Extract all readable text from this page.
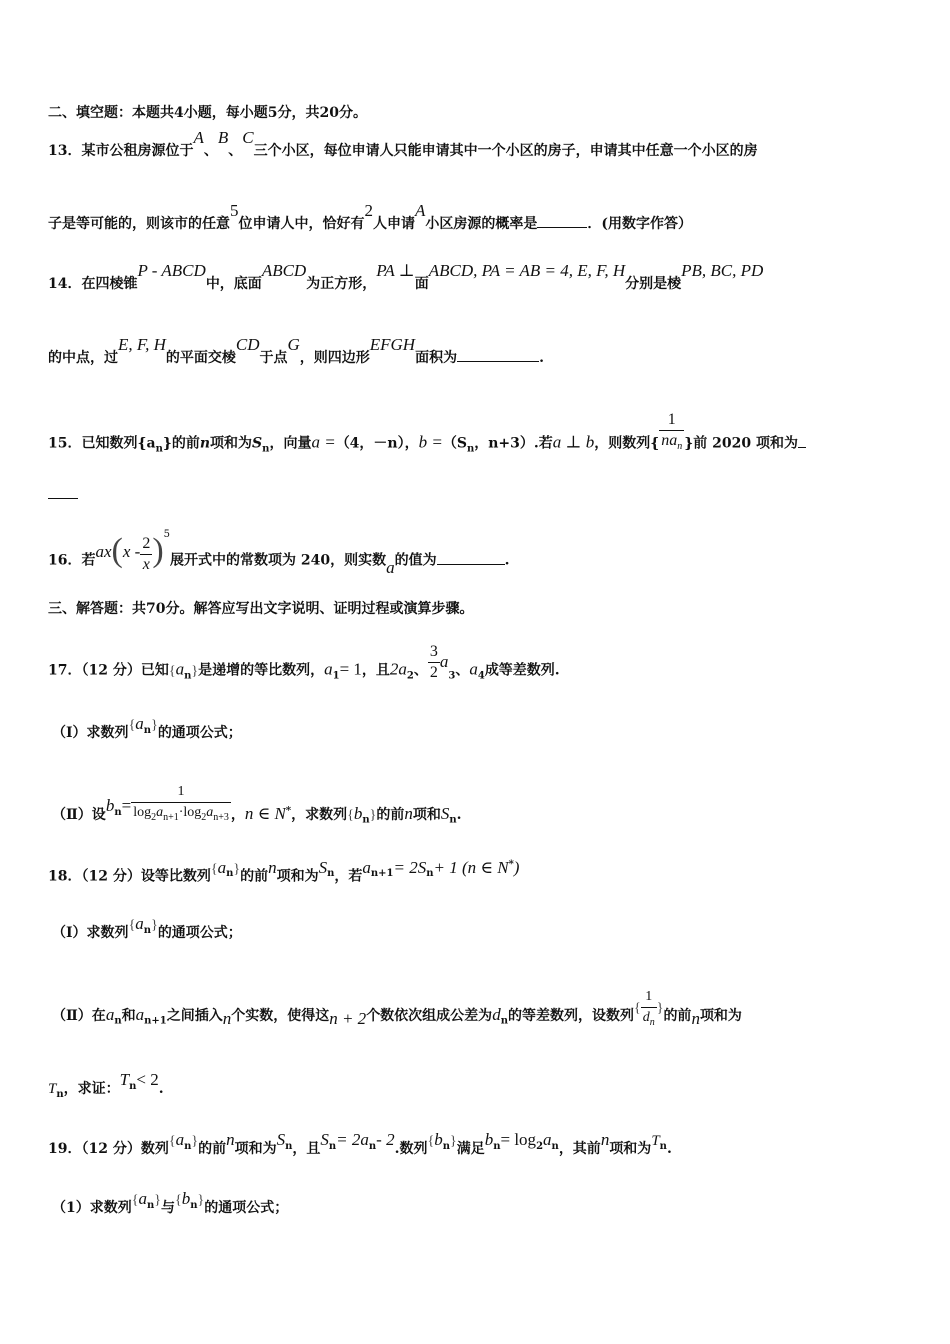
二、填空题：本题共4小题，每小题5分，共20分。
13．某市公租房源位于A、B、C三个小区，每位申请人只能申请其中一个小区的房子，申请其中任意一个小区的房
子是等可能的，则该市的任意5位申请人中，恰好有2人申请A小区房源的概率是	．(用数字作答）
14．在四棱锥P - ABCD中，底面ABCD为正方形，PA ⊥面ABCD, PA = AB = 4, E, F, H分别是棱PB, BC, PD
的中点，过E, F, H的平面交棱CD于点G，则四边形EFGH面积为	.
15．已知数列$\{a_n\}$的前n项和为$S_n$，向量a =（4，－n），$b =(S_n$，n+3）.若a ⊥ b，则数列{ $\frac{1}{na_n}$ }前 2020 项和为
16．若$ax(x - \frac{2}{x} )^5$展开式中的常数项为 240，则实数a的值为	.
三、解答题：共70分。解答应写出文字说明、证明过程或演算步骤。
17．（12 分）已知$\{a_n\}$是递增的等比数列，$a_1= 1$，且$2a_2$、 $\frac{3}{2} a_3$、$a_4$成等差数列.
（Ⅰ）求数列$\{a_n\}$的通项公式；
（Ⅱ）设$b_n= \frac{1}{\log_2a_{n+1}\cdot\log_2a_{n+3}}$ ，n ∈ N*，求数列$\{b_n\}$的前n项和$S_n$.
18．（12 分）设等比数列$\{a_n\}$的前n项和为$S_n$，若$a_{n+1}= 2S_n+ 1$ (n ∈ N*)
（Ⅰ）求数列$\{a_n\}$的通项公式；
（Ⅱ）在$a_n$和$a_{n+1}$之间插入n个实数，使得这n + 2个数依次组成公差为$d_n$的等差数列，设数列{ $\frac{1}{d_n}$ }的前n项和为
$T_n$，求证：$T_n< 2$.
19．（12 分）数列$\{a_n\}$的前n项和为$S_n$，且$S_n= 2a_n-$ 2.数列$\{b_n\}$满足$b_n= \log_2a_n$，其前n项和为$T_n$.
（1）求数列$\{a_n\}$与$\{b_n\}$的通项公式；
